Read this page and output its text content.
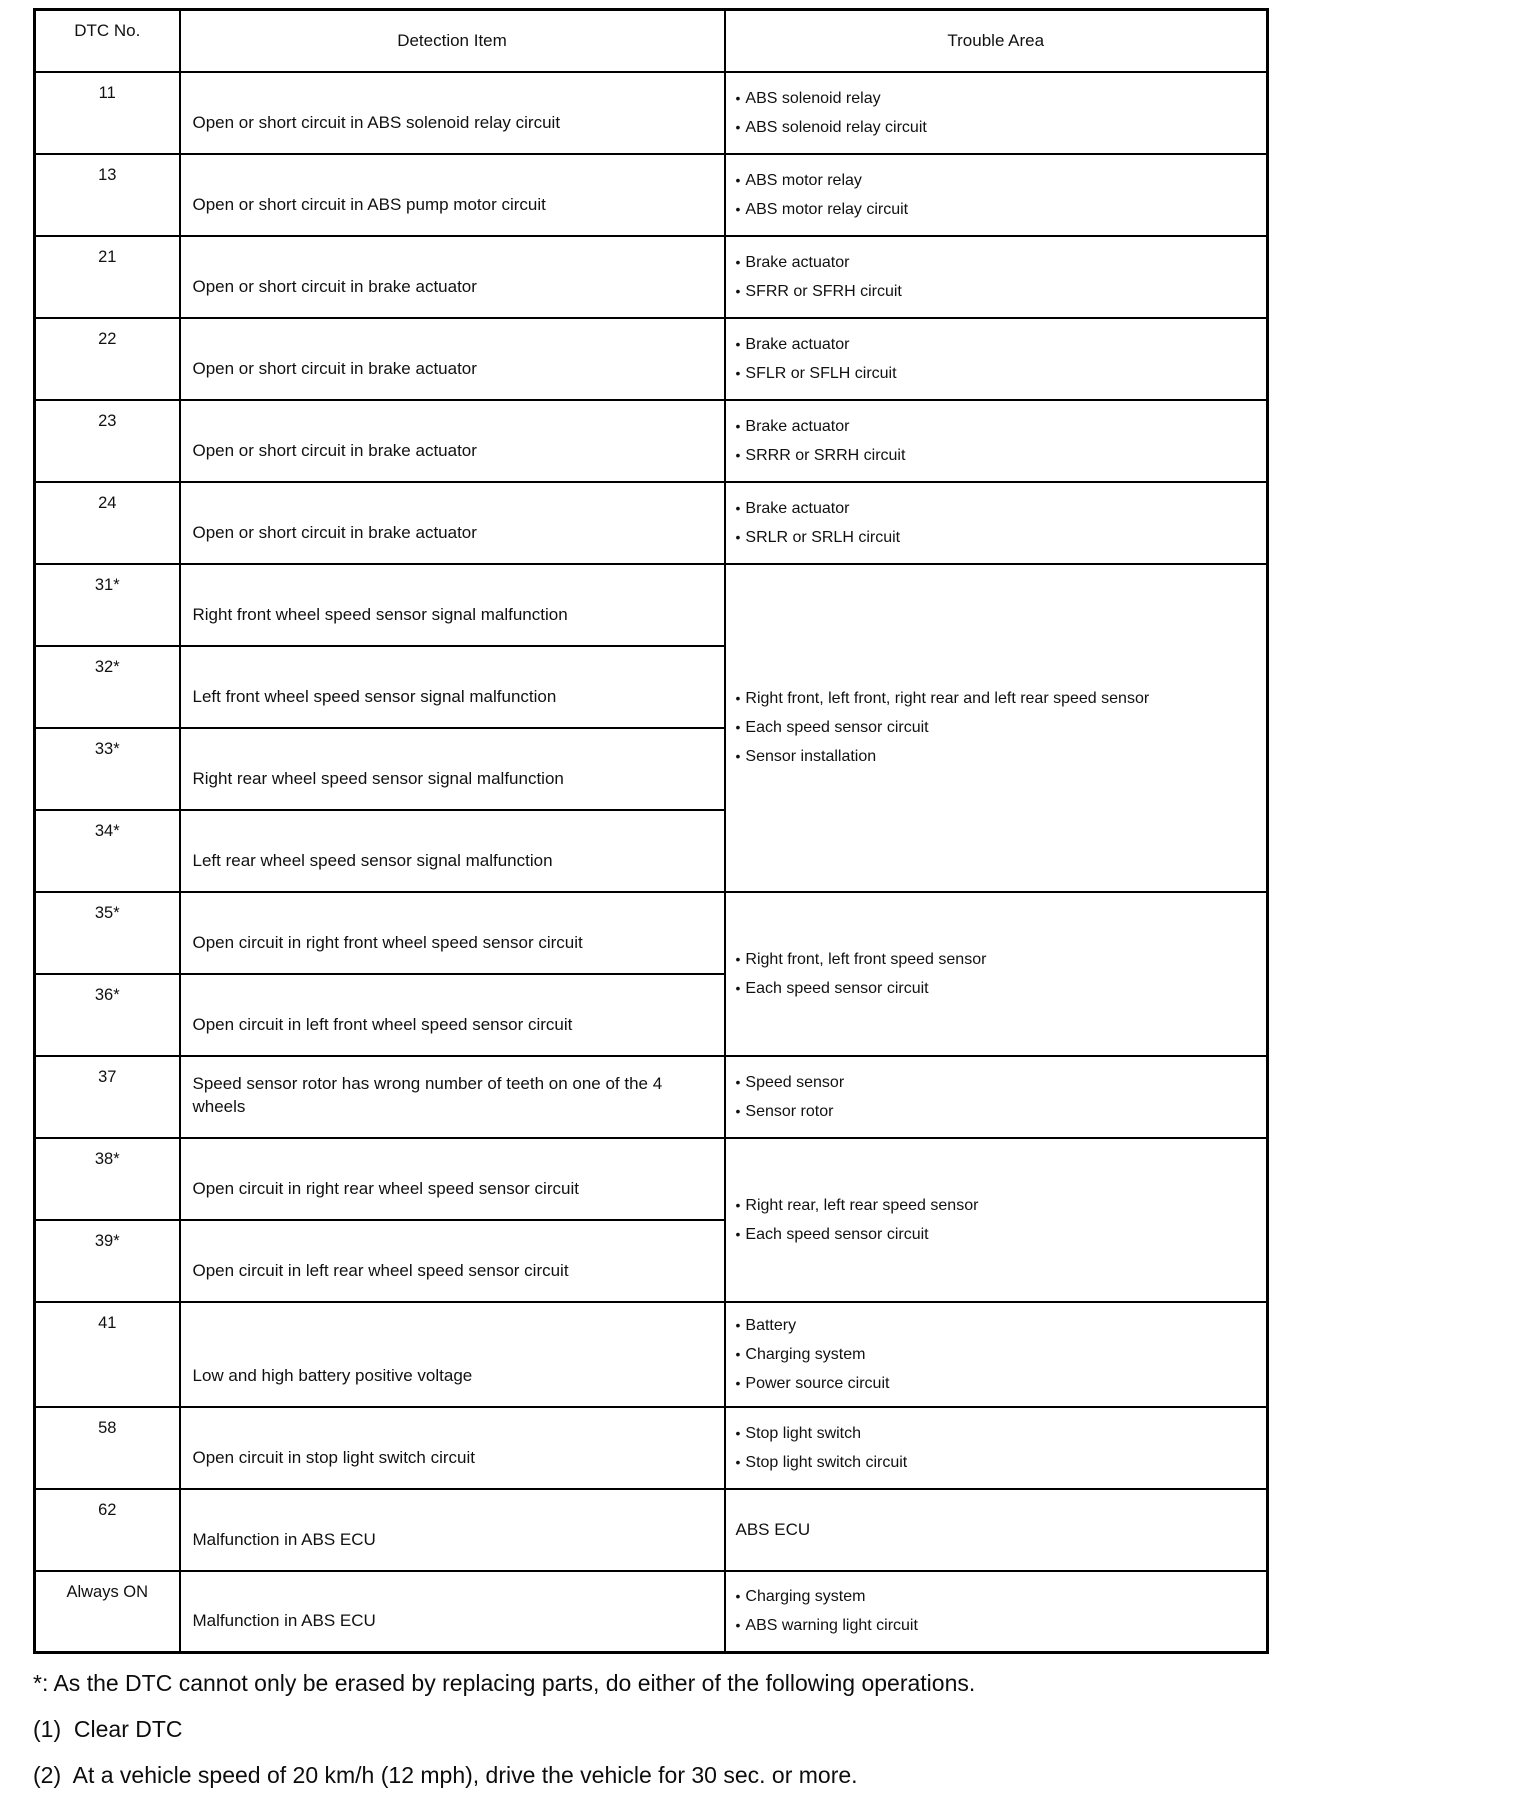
DTC No.	Detection Item	Trouble Area
11	Open or short circuit in ABS solenoid relay circuit	• ABS solenoid relay
• ABS solenoid relay circuit

13	Open or short circuit in ABS pump motor circuit	• ABS motor relay
• ABS motor relay circuit

21	Open or short circuit in brake actuator	• Brake actuator
• SFRR or SFRH circuit

22	Open or short circuit in brake actuator	• Brake actuator
• SFLR or SFLH circuit

23	Open or short circuit in brake actuator	• Brake actuator
• SRRR or SRRH circuit

24	Open or short circuit in brake actuator	• Brake actuator
• SRLR or SRLH circuit

31*	Right front wheel speed sensor signal malfunction	
• Right front, left front, right rear and left rear speed sensor
• Each speed sensor circuit
• Sensor installation

32*	Left front wheel speed sensor signal malfunction	
33*	Right rear wheel speed sensor signal malfunction	
34*	Left rear wheel speed sensor signal malfunction	
35*	Open circuit in right front wheel speed sensor circuit	• Right front, left front speed sensor
• Each speed sensor circuit

36*	Open circuit in left front wheel speed sensor circuit	
37	Speed sensor rotor has wrong number of teeth on one of the 4 wheels	• Speed sensor
• Sensor rotor

38*	Open circuit in right rear wheel speed sensor circuit	• Right rear, left rear speed sensor
• Each speed sensor circuit

39*	Open circuit in left rear wheel speed sensor circuit	
41	Low and high battery positive voltage	
• Battery
• Charging system
• Power source circuit

58	Open circuit in stop light switch circuit	• Stop light switch
• Stop light switch circuit

62	Malfunction in ABS ECU	ABS ECU
Always ON	Malfunction in ABS ECU	• Charging system
• ABS warning light circuit
*: As the DTC cannot only be erased by replacing parts, do either of the following operations.
(1)  Clear DTC
(2)  At a vehicle speed of 20 km/h (12 mph), drive the vehicle for 30 sec. or more.
